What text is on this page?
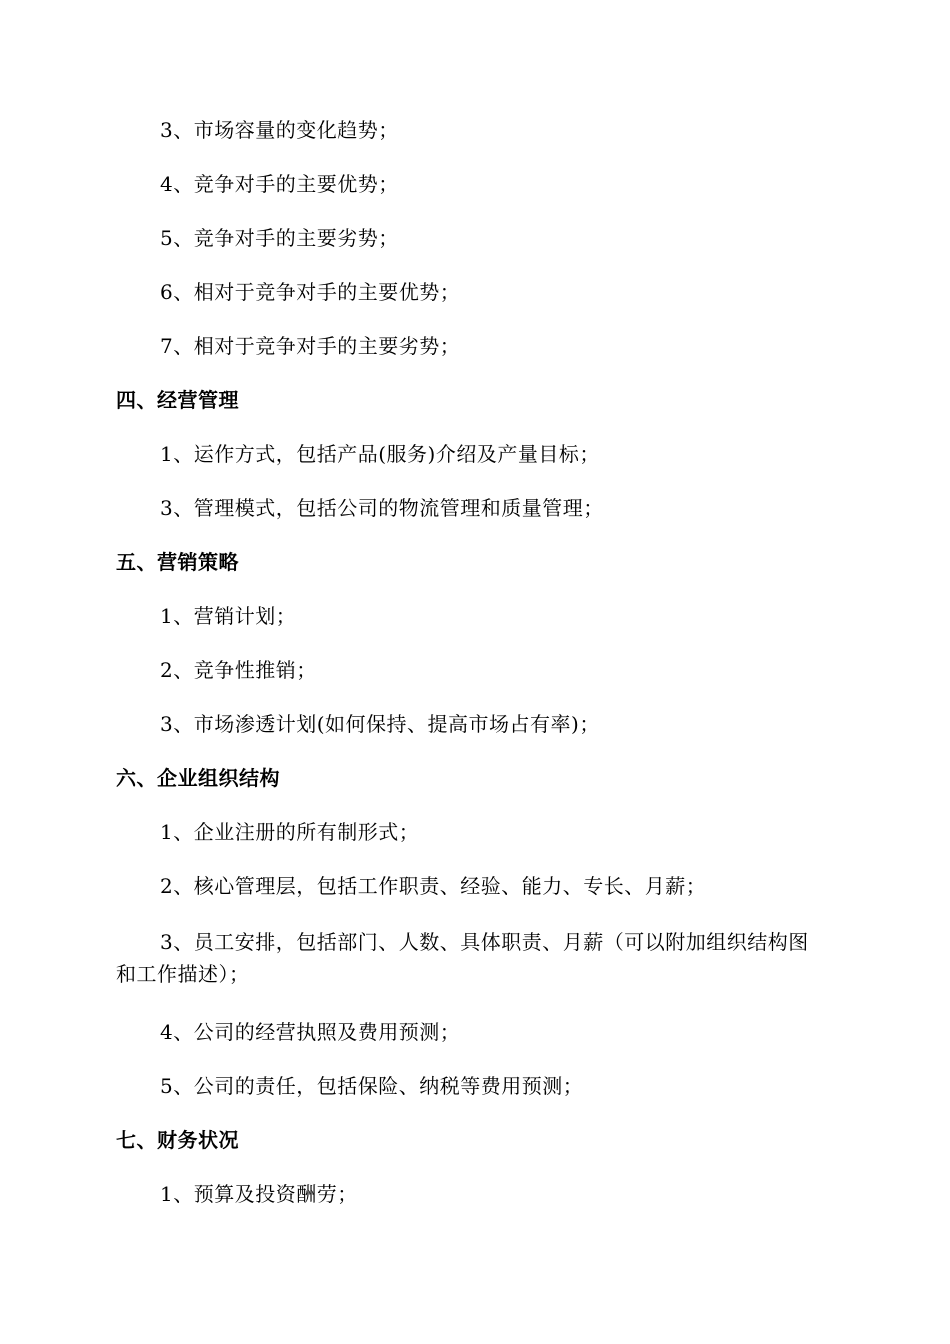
3、市场容量的变化趋势；
4、竞争对手的主要优势；
5、竞争对手的主要劣势；
6、相对于竞争对手的主要优势；
7、相对于竞争对手的主要劣势；
四、经营管理
1、运作方式，包括产品(服务)介绍及产量目标；
3、管理模式，包括公司的物流管理和质量管理；
五、营销策略
1、营销计划；
2、竞争性推销；
3、市场渗透计划(如何保持、提高市场占有率)；
六、企业组织结构
1、企业注册的所有制形式；
2、核心管理层，包括工作职责、经验、能力、专长、月薪；
3、员工安排，包括部门、人数、具体职责、月薪（可以附加组织结构图和工作描述）；
4、公司的经营执照及费用预测；
5、公司的责任，包括保险、纳税等费用预测；
七、财务状况
1、预算及投资酬劳；
